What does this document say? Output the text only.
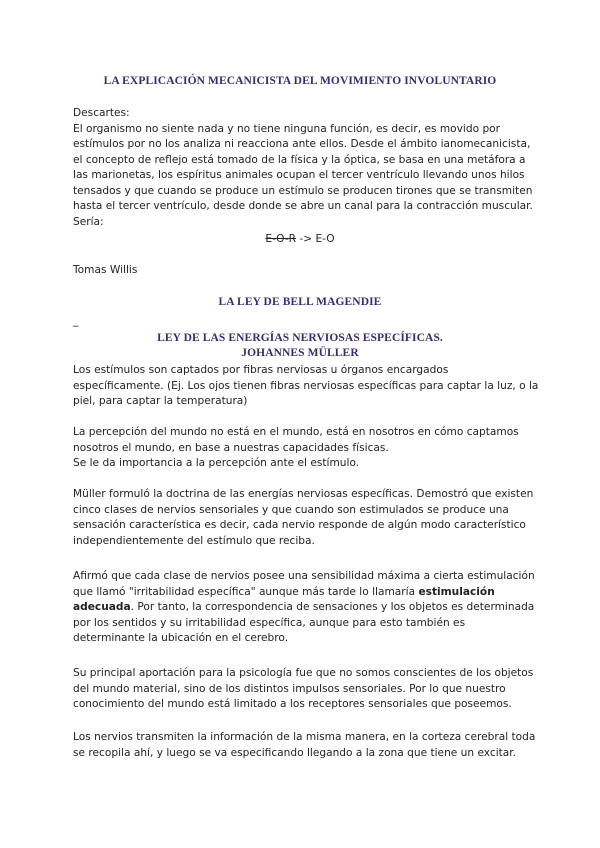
LA EXPLICACIÓN MECANICISTA DEL MOVIMIENTO INVOLUNTARIO
Descartes:
El organismo no siente nada y no tiene ninguna función, es decir, es movido por
estímulos por no los analiza ni reacciona ante ellos. Desde el ámbito ianomecanicista,
el concepto de reflejo está tomado de la física y la óptica, se basa en una metáfora a
las marionetas, los espíritus animales ocupan el tercer ventrículo llevando unos hilos
tensados y que cuando se produce un estímulo se producen tirones que se transmiten
hasta el tercer ventrículo, desde donde se abre un canal para la contracción muscular.
Sería:
E-O-R -> E-O
Tomas Willis
LA LEY DE BELL MAGENDIE
_
LEY DE LAS ENERGÍAS NERVIOSAS ESPECÍFICAS.
JOHANNES MÜLLER
Los estímulos son captados por fibras nerviosas u órganos encargados
específicamente. (Ej. Los ojos tienen fibras nerviosas específicas para captar la luz, o la
piel, para captar la temperatura)
La percepción del mundo no está en el mundo, está en nosotros en cómo captamos
nosotros el mundo, en base a nuestras capacidades físicas.
Se le da importancia a la percepción ante el estímulo.
Müller formuló la doctrina de las energías nerviosas específicas. Demostró que existen
cinco clases de nervios sensoriales y que cuando son estimulados se produce una
sensación característica es decir, cada nervio responde de algún modo característico
independientemente del estímulo que reciba.
Afirmó que cada clase de nervios posee una sensibilidad máxima a cierta estimulación
que llamó "irritabilidad específica" aunque más tarde lo llamaría estimulación
adecuada. Por tanto, la correspondencia de sensaciones y los objetos es determinada
por los sentidos y su irritabilidad específica, aunque para esto también es
determinante la ubicación en el cerebro.
Su principal aportación para la psicología fue que no somos conscientes de los objetos
del mundo material, sino de los distintos impulsos sensoriales. Por lo que nuestro
conocimiento del mundo está limitado a los receptores sensoriales que poseemos.
Los nervios transmiten la información de la misma manera, en la corteza cerebral toda
se recopila ahí, y luego se va especificando llegando a la zona que tiene un excitar.
